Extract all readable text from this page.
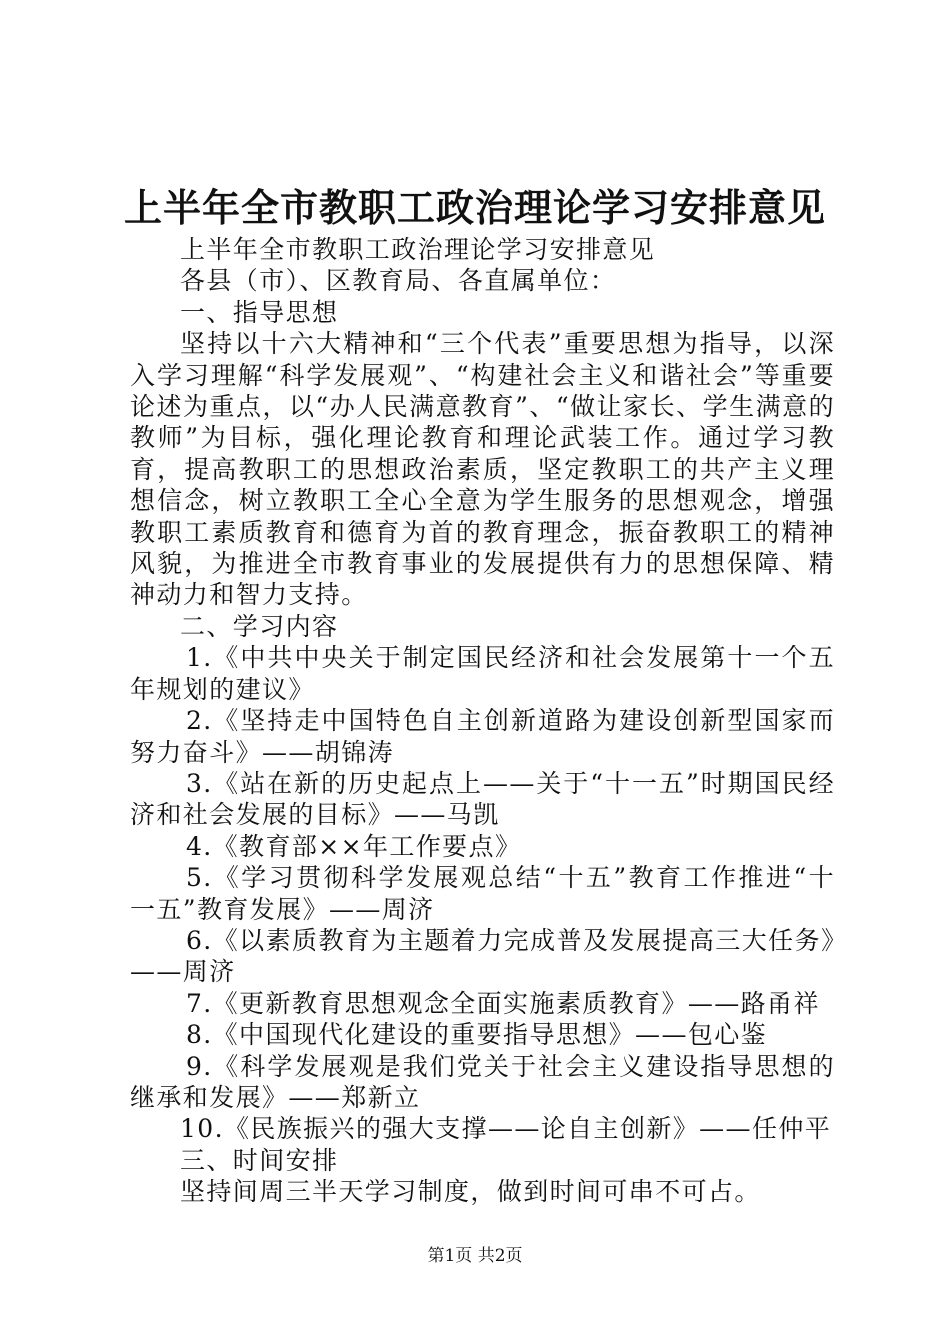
上半年全市教职工政治理论学习安排意见

上半年全市教职工政治理论学习安排意见

各县（市）、区教育局、各直属单位：

一、指导思想

坚持以十六大精神和“三个代表”重要思想为指导，以深入学习理解“科学发展观”、“构建社会主义和谐社会”等重要论述为重点，以“办人民满意教育”、“做让家长、学生满意的教师”为目标，强化理论教育和理论武装工作。通过学习教育，提高教职工的思想政治素质，坚定教职工的共产主义理想信念，树立教职工全心全意为学生服务的思想观念，增强教职工素质教育和德育为首的教育理念，振奋教职工的精神风貌，为推进全市教育事业的发展提供有力的思想保障、精神动力和智力支持。

二、学习内容

1.《中共中央关于制定国民经济和社会发展第十一个五年规划的建议》

2.《坚持走中国特色自主创新道路为建设创新型国家而努力奋斗》——胡锦涛

3.《站在新的历史起点上——关于“十一五”时期国民经济和社会发展的目标》——马凯

4.《教育部××年工作要点》

5.《学习贯彻科学发展观总结“十五”教育工作推进“十一五”教育发展》——周济

6.《以素质教育为主题着力完成普及发展提高三大任务》——周济

7.《更新教育思想观念全面实施素质教育》——路甬祥

8.《中国现代化建设的重要指导思想》——包心鉴

9.《科学发展观是我们党关于社会主义建设指导思想的继承和发展》——郑新立

10.《民族振兴的强大支撑——论自主创新》——任仲平

三、时间安排

坚持间周三半天学习制度，做到时间可串不可占。

第1页 共2页
